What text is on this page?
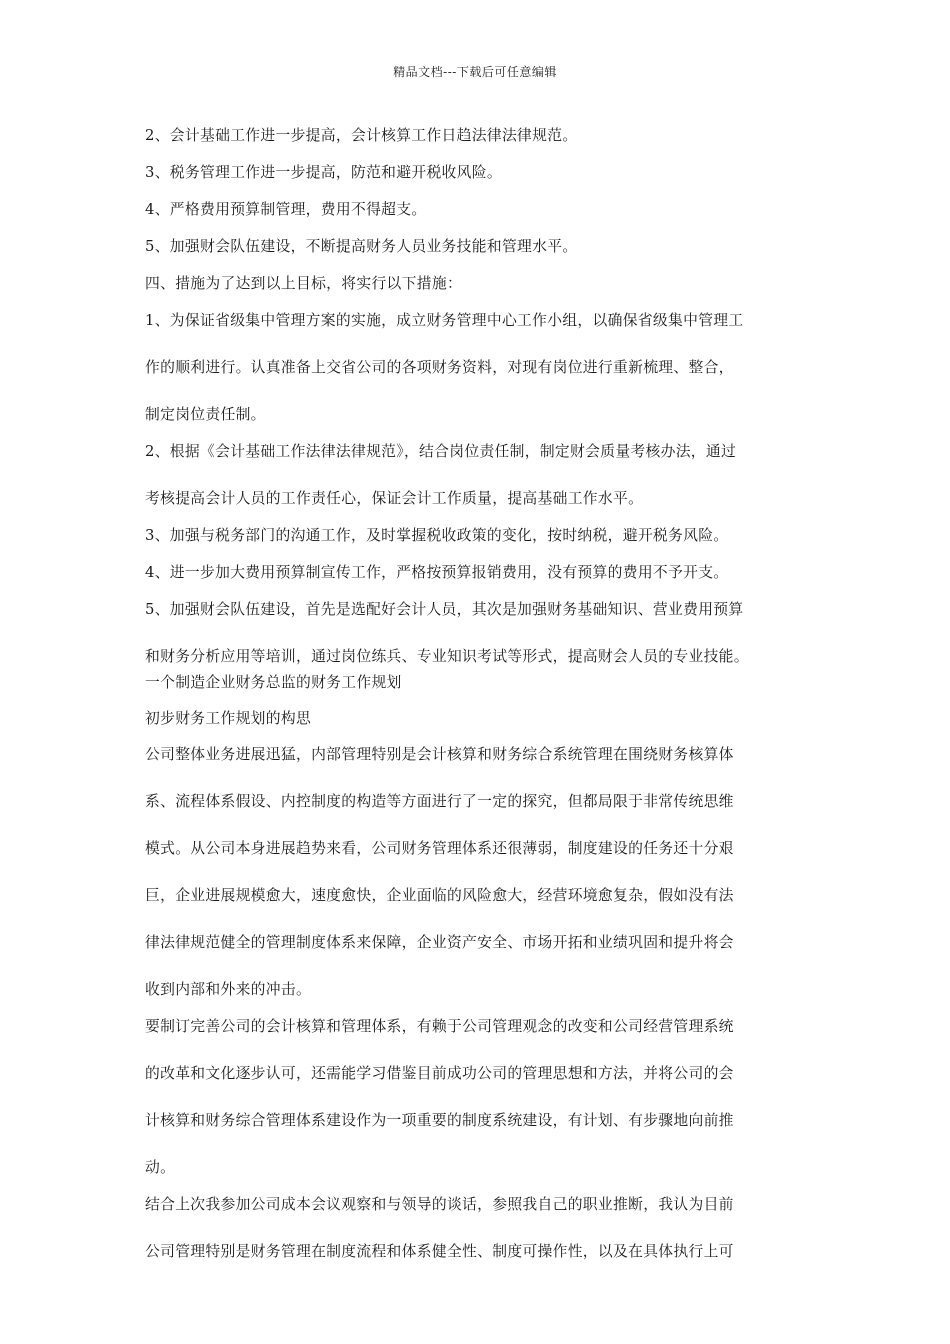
精品文档---下载后可任意编辑
2、会计基础工作进一步提高，会计核算工作日趋法律法律规范。
3、税务管理工作进一步提高，防范和避开税收风险。
4、严格费用预算制管理，费用不得超支。
5、加强财会队伍建设，不断提高财务人员业务技能和管理水平。
四、措施为了达到以上目标，将实行以下措施：
1、为保证省级集中管理方案的实施，成立财务管理中心工作小组，以确保省级集中管理工
作的顺利进行。认真准备上交省公司的各项财务资料，对现有岗位进行重新梳理、整合，
制定岗位责任制。
2、根据《会计基础工作法律法律规范》，结合岗位责任制，制定财会质量考核办法，通过
考核提高会计人员的工作责任心，保证会计工作质量，提高基础工作水平。
3、加强与税务部门的沟通工作，及时掌握税收政策的变化，按时纳税，避开税务风险。
4、进一步加大费用预算制宣传工作，严格按预算报销费用，没有预算的费用不予开支。
5、加强财会队伍建设，首先是选配好会计人员，其次是加强财务基础知识、营业费用预算
和财务分析应用等培训，通过岗位练兵、专业知识考试等形式，提高财会人员的专业技能。
一个制造企业财务总监的财务工作规划
初步财务工作规划的构思
公司整体业务进展迅猛，内部管理特别是会计核算和财务综合系统管理在围绕财务核算体
系、流程体系假设、内控制度的构造等方面进行了一定的探究，但都局限于非常传统思维
模式。从公司本身进展趋势来看，公司财务管理体系还很薄弱，制度建设的任务还十分艰
巨，企业进展规模愈大，速度愈快，企业面临的风险愈大，经营环境愈复杂，假如没有法
律法律规范健全的管理制度体系来保障，企业资产安全、市场开拓和业绩巩固和提升将会
收到内部和外来的冲击。
要制订完善公司的会计核算和管理体系，有赖于公司管理观念的改变和公司经营管理系统
的改革和文化逐步认可，还需能学习借鉴目前成功公司的管理思想和方法，并将公司的会
计核算和财务综合管理体系建设作为一项重要的制度系统建设，有计划、有步骤地向前推
动。
结合上次我参加公司成本会议观察和与领导的谈话，参照我自己的职业推断，我认为目前
公司管理特别是财务管理在制度流程和体系健全性、制度可操作性，以及在具体执行上可
